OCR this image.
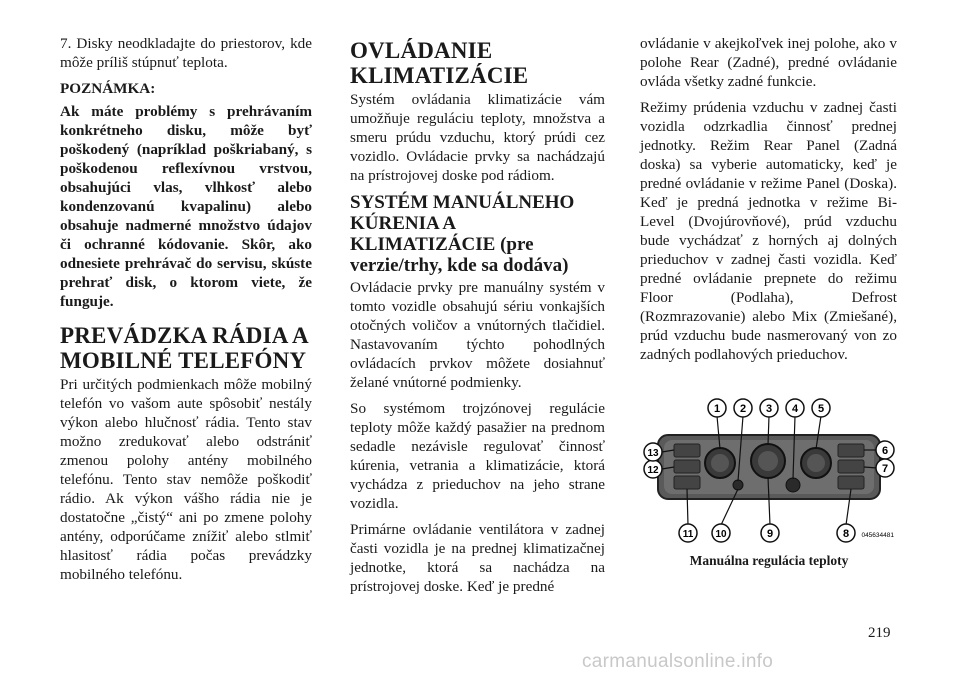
7. Disky neodkladajte do priestorov, kde môže príliš stúpnuť teplota.

POZNÁMKA:
Ak máte problémy s prehrávaním konkrétneho disku, môže byť poškodený (napríklad poškriabaný, s poškodenou reflexívnou vrstvou, obsahujúci vlas, vlhkosť alebo kondenzovanú kvapalinu) alebo obsahuje nadmerné množstvo údajov či ochranné kódovanie. Skôr, ako odnesiete prehrávač do servisu, skúste prehrať disk, o ktorom viete, že funguje.
PREVÁDZKA RÁDIA A MOBILNÉ TELEFÓNY

Pri určitých podmienkach môže mobilný telefón vo vašom aute spôsobiť nestály výkon alebo hlučnosť rádia. Tento stav možno zredukovať alebo odstrániť zmenou polohy antény mobilného telefónu. Tento stav nemôže poškodiť rádio. Ak výkon vášho rádia nie je dostatočne „čistý“ ani po zmene polohy antény, odporúčame znížiť alebo stlmiť hlasitosť rádia počas prevádzky mobilného telefónu.

OVLÁDANIE KLIMATIZÁCIE

Systém ovládania klimatizácie vám umožňuje reguláciu teploty, množstva a smeru prúdu vzduchu, ktorý prúdi cez vozidlo. Ovládacie prvky sa nachádzajú na prístrojovej doske pod rádiom.

SYSTÉM MANUÁLNEHO KÚRENIA A KLIMATIZÁCIE (pre verzie/trhy, kde sa dodáva)

Ovládacie prvky pre manuálny systém v tomto vozidle obsahujú sériu vonkajších otočných voličov a vnútorných tlačidiel. Nastavovaním týchto pohodlných ovládacích prvkov môžete dosiahnuť želané vnútorné podmienky.

So systémom trojzónovej regulácie teploty môže každý pasažier na prednom sedadle nezávisle regulovať činnosť kúrenia, vetrania a klimatizácie, ktorá vychádza z prieduchov na jeho strane vozidla.

Primárne ovládanie ventilátora v zadnej časti vozidla je na prednej klimatizačnej jednotke, ktorá sa nachádza na prístrojovej doske. Keď je predné

ovládanie v akejkoľvek inej polohe, ako v polohe Rear (Zadné), predné ovládanie ovláda všetky zadné funkcie.

Režimy prúdenia vzduchu v zadnej časti vozidla odzrkadlia činnosť prednej jednotky. Režim Rear Panel (Zadná doska) sa vyberie automaticky, keď je predné ovládanie v režime Panel (Doska). Keď je predná jednotka v režime Bi-Level (Dvojúrovňové), prúd vzduchu bude vychádzať z horných aj dolných prieduchov v zadnej časti vozidla. Keď predné ovládanie prepnete do režimu Floor (Podlaha), Defrost (Rozmrazovanie) alebo Mix (Zmiešané), prúd vzduchu bude nasmerovaný von zo zadných podlahových prieduchov.

1 2 3 4 5
6
7
8
9
10
11
12
13
045634481

Manuálna regulácia teploty

219

carmanualsonline.info
